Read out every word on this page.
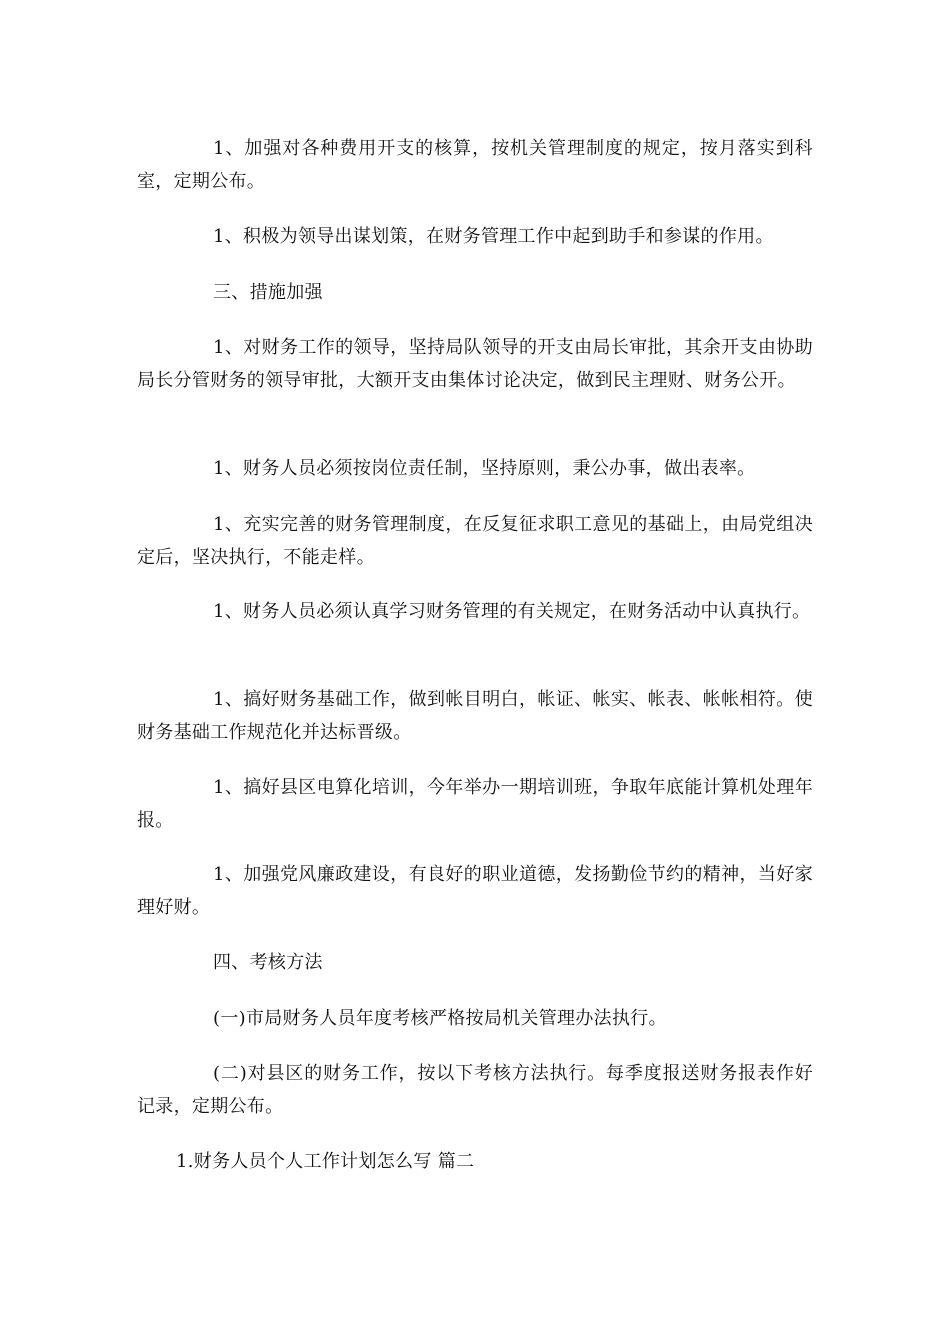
1、加强对各种费用开支的核算，按机关管理制度的规定，按月落实到科室，定期公布。

1、积极为领导出谋划策，在财务管理工作中起到助手和参谋的作用。

三、措施加强

1、对财务工作的领导，坚持局队领导的开支由局长审批，其余开支由协助局长分管财务的领导审批，大额开支由集体讨论决定，做到民主理财、财务公开。

1、财务人员必须按岗位责任制，坚持原则，秉公办事，做出表率。

1、充实完善的财务管理制度，在反复征求职工意见的基础上，由局党组决定后，坚决执行，不能走样。

1、财务人员必须认真学习财务管理的有关规定，在财务活动中认真执行。

1、搞好财务基础工作，做到帐目明白，帐证、帐实、帐表、帐帐相符。使财务基础工作规范化并达标晋级。

1、搞好县区电算化培训，今年举办一期培训班，争取年底能计算机处理年报。

1、加强党风廉政建设，有良好的职业道德，发扬勤俭节约的精神，当好家理好财。

四、考核方法

(一)市局财务人员年度考核严格按局机关管理办法执行。

(二)对县区的财务工作，按以下考核方法执行。每季度报送财务报表作好记录，定期公布。

1.财务人员个人工作计划怎么写 篇二
